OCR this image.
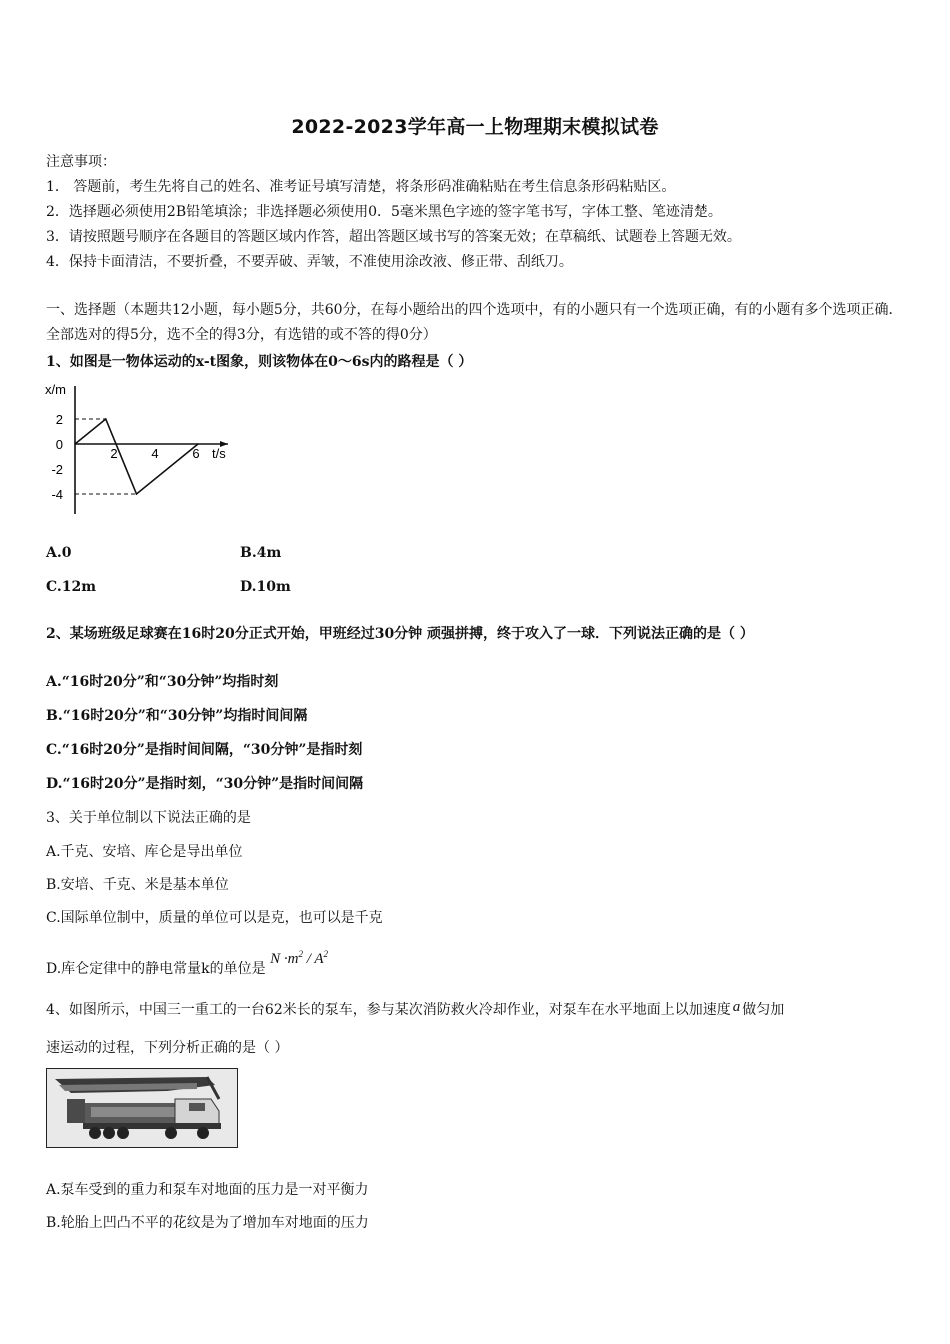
2022-2023学年高一上物理期末模拟试卷
注意事项：
1． 答题前，考生先将自己的姓名、准考证号填写清楚，将条形码准确粘贴在考生信息条形码粘贴区。
2．选择题必须使用2B铅笔填涂；非选择题必须使用0．5毫米黑色字迹的签字笔书写，字体工整、笔迹清楚。
3．请按照题号顺序在各题目的答题区域内作答，超出答题区域书写的答案无效；在草稿纸、试题卷上答题无效。
4．保持卡面清洁，不要折叠，不要弄破、弄皱，不准使用涂改液、修正带、刮纸刀。
一、选择题（本题共12小题，每小题5分，共60分，在每小题给出的四个选项中，有的小题只有一个选项正确，有的小题有多个选项正确．全部选对的得5分，选不全的得3分，有选错的或不答的得0分）
1、如图是一物体运动的x-t图象，则该物体在0～6s内的路程是（ ）
x/m
t/s
2
0
-2
-4
2	4	6
A.0	B.4m
C.12m	D.10m
2、某场班级足球赛在16时20分正式开始，甲班经过30分钟 顽强拼搏，终于攻入了一球．下列说法正确的是（ ）
A.“16时20分”和“30分钟”均指时刻
B.“16时20分”和“30分钟”均指时间间隔
C.“16时20分”是指时间间隔，“30分钟”是指时刻
D.“16时20分”是指时刻，“30分钟”是指时间间隔
3、关于单位制以下说法正确的是
A.千克、安培、库仑是导出单位
B.安培、千克、米是基本单位
C.国际单位制中，质量的单位可以是克，也可以是千克
D.库仑定律中的静电常量k的单位是 $N \cdot m^2 / A^2$
4、如图所示，中国三一重工的一台62米长的泵车，参与某次消防救火冷却作业，对泵车在水平地面上以加速度 a 做匀加
速运动的过程，下列分析正确的是（ ）
A.泵车受到的重力和泵车对地面的压力是一对平衡力
B.轮胎上凹凸不平的花纹是为了增加车对地面的压力
